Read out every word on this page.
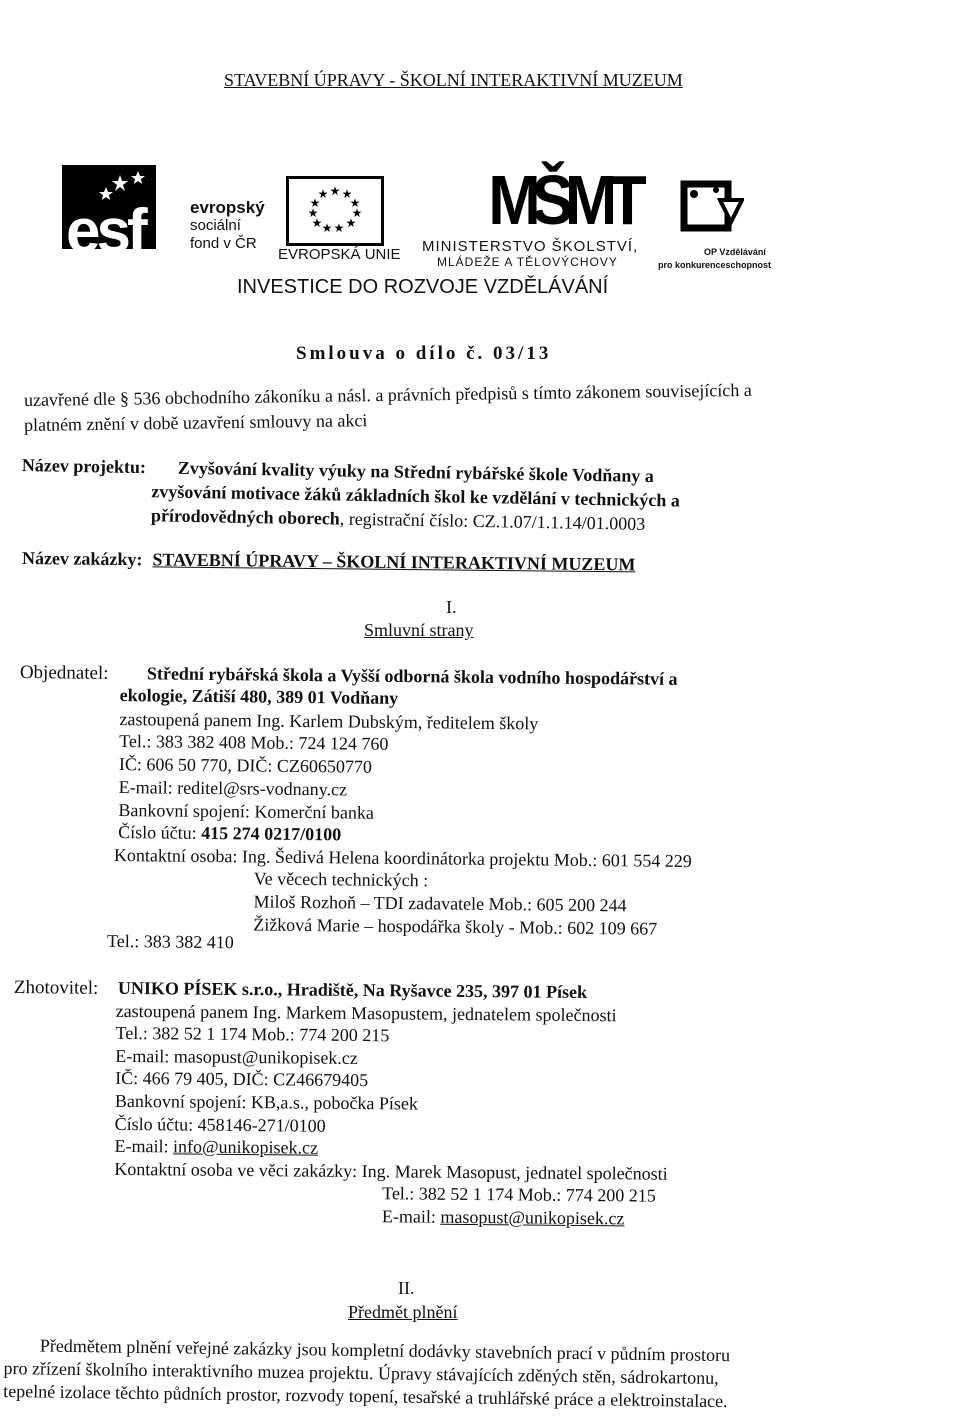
STAVEBNÍ ÚPRAVY - ŠKOLNÍ INTERAKTIVNÍ MUZEUM
esf	evropský
sociální
fond v ČR
★ ★
★
★
★
★
★
★
★
★
★
EVROPSKÁ UNIE
MŠMT
MINISTERSTVO ŠKOLSTVÍ,
MLÁDEŽE A TĚLOVÝCHOVY
OP Vzdělávání
pro konkurenceschopnost
INVESTICE DO ROZVOJE VZDĚLÁVÁNÍ
Smlouva o dílo č. 03/13
uzavřené dle § 536 obchodního zákoníku a násl. a právních předpisů s tímto zákonem souvisejících a
platném znění v době uzavření smlouvy na akci
Název projektu: Zvyšování kvality výuky na Střední rybářské škole Vodňany a
zvyšování motivace žáků základních škol ke vzdělání v technických a
přírodovědných oborech, registrační číslo: CZ.1.07/1.1.14/01.0003
Název zakázky: STAVEBNÍ ÚPRAVY – ŠKOLNÍ INTERAKTIVNÍ MUZEUM
I.
Smluvní strany
Objednatel: Střední rybářská škola a Vyšší odborná škola vodního hospodářství a
ekologie, Zátiší 480, 389 01 Vodňany
zastoupená panem Ing. Karlem Dubským, ředitelem školy
Tel.: 383 382 408 Mob.: 724 124 760
IČ: 606 50 770, DIČ: CZ60650770
E-mail: reditel@srs-vodnany.cz
Bankovní spojení: Komerční banka
Číslo účtu: 415 274 0217/0100
Kontaktní osoba: Ing. Šedivá Helena koordinátorka projektu Mob.: 601 554 229
Ve věcech technických :
Miloš Rozhoň – TDI zadavatele Mob.: 605 200 244
Žižková Marie – hospodářka školy - Mob.: 602 109 667
Tel.: 383 382 410
Zhotovitel: UNIKO PÍSEK s.r.o., Hradiště, Na Ryšavce 235, 397 01 Písek
zastoupená panem Ing. Markem Masopustem, jednatelem společnosti
Tel.: 382 52 1 174 Mob.: 774 200 215
E-mail: masopust@unikopisek.cz
IČ: 466 79 405, DIČ: CZ46679405
Bankovní spojení: KB,a.s., pobočka Písek
Číslo účtu: 458146-271/0100
E-mail: info@unikopisek.cz
Kontaktní osoba ve věci zakázky: Ing. Marek Masopust, jednatel společnosti
Tel.: 382 52 1 174 Mob.: 774 200 215
E-mail: masopust@unikopisek.cz
II.
Předmět plnění
Předmětem plnění veřejné zakázky jsou kompletní dodávky stavebních prací v půdním prostoru
pro zřízení školního interaktivního muzea projektu. Úpravy stávajících zděných stěn, sádrokartonu,
tepelné izolace těchto půdních prostor, rozvody topení, tesařské a truhlářské práce a elektroinstalace.
